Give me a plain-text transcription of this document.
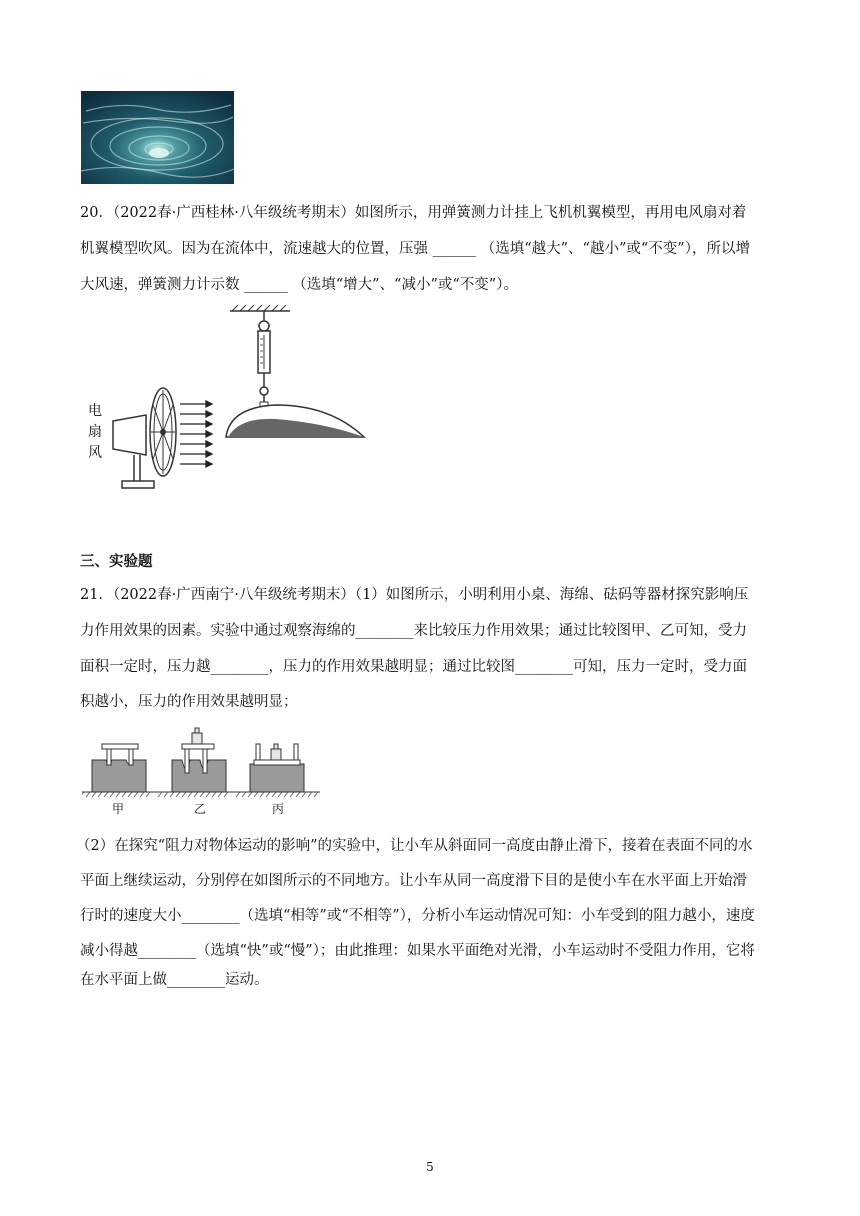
20．（2022春·广西桂林·八年级统考期末）如图所示，用弹簧测力计挂上飞机机翼模型，再用电风扇对着
机翼模型吹风。因为在流体中，流速越大的位置，压强 ______ （选填“越大”、“越小”或“不变”），所以增
大风速，弹簧测力计示数 ______ （选填“增大”、“减小”或“不变”）。
电
扇
风
三、实验题
21．（2022春·广西南宁·八年级统考期末）（1）如图所示，小明利用小桌、海绵、砝码等器材探究影响压
力作用效果的因素。实验中通过观察海绵的________来比较压力作用效果；通过比较图甲、乙可知，受力
面积一定时，压力越________，压力的作用效果越明显；通过比较图________可知，压力一定时，受力面
积越小，压力的作用效果越明显；
甲	乙	丙
（2）在探究“阻力对物体运动的影响”的实验中，让小车从斜面同一高度由静止滑下，接着在表面不同的水
平面上继续运动，分别停在如图所示的不同地方。让小车从同一高度滑下目的是使小车在水平面上开始滑
行时的速度大小________（选填“相等”或“不相等”），分析小车运动情况可知：小车受到的阻力越小，速度
减小得越________（选填“快”或“慢”）；由此推理：如果水平面绝对光滑，小车运动时不受阻力作用，它将
在水平面上做________运动。
5
